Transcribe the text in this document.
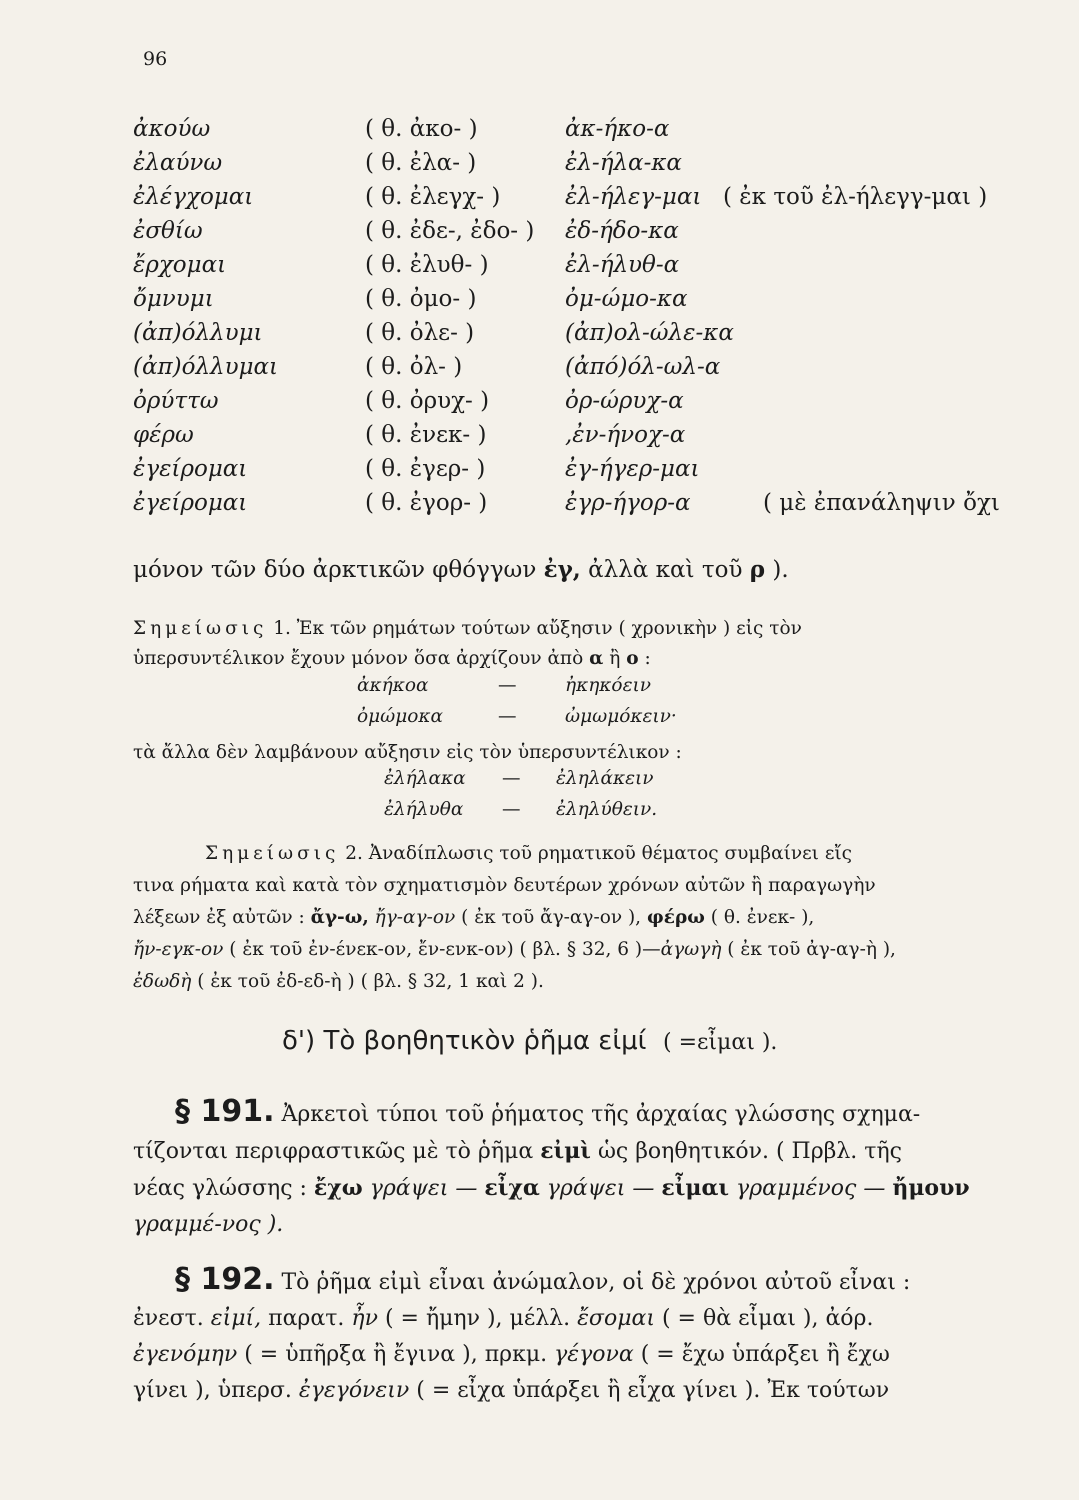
96
ἀκούω	( θ. ἀκο- )	ἀκ-ήκο-α
ἐλαύνω	( θ. ἐλα- )	ἐλ-ήλα-κα
ἐλέγχομαι	( θ. ἐλεγχ- )	ἐλ-ήλεγ-μαι ( ἐκ τοῦ ἐλ-ήλεγγ-μαι )
ἐσθίω	( θ. ἐδε-, ἐδο- ) ἐδ-ήδο-κα
ἔρχομαι	( θ. ἐλυθ- )	ἐλ-ήλυθ-α
ὄμνυμι	( θ. ὀμο- )	ὀμ-ώμο-κα
(ἀπ)όλλυμι	( θ. ὀλε- )	(ἀπ)ολ-ώλε-κα
(ἀπ)όλλυμαι	( θ. ὀλ- )	(ἀπό)όλ-ωλ-α
ὀρύττω	( θ. ὀρυχ- )	ὀρ-ώρυχ-α
φέρω	( θ. ἐνεκ- )	,ἐν-ήνοχ-α
ἐγείρομαι	( θ. ἐγερ- )	ἐγ-ήγερ-μαι
ἐγείρομαι	( θ. ἐγορ- )	ἐγρ-ήγορ-α	( μὲ ἐπανάληψιν ὄχι
μόνον τῶν δύο ἀρκτικῶν φθόγγων ἐγ, ἀλλὰ καὶ τοῦ ρ ).
Σημείωσις 1. Ἐκ τῶν ρημάτων τούτων αὔξησιν ( χρονικὴν ) εἰς τὸν
ὑπερσυντέλικον ἔχουν μόνον ὅσα ἀρχίζουν ἀπὸ α ἢ ο :
ἀκήκοα	—	ἠκηκόειν
ὀμώμοκα	—	ὠμωμόκειν·
τὰ ἄλλα δὲν λαμβάνουν αὔξησιν εἰς τὸν ὑπερσυντέλικον :
ἐλήλακα — ἐληλάκειν
ἐλήλυθα — ἐληλύθειν.
Σημείωσις 2. Ἀναδίπλωσις τοῦ ρηματικοῦ θέματος συμβαίνει εἴς
τινα ρήματα καὶ κατὰ τὸν σχηματισμὸν δευτέρων χρόνων αὐτῶν ἢ παραγωγὴν
λέξεων ἐξ αὐτῶν : ἄγ-ω, ἤγ-αγ-ον ( ἐκ τοῦ ἄγ-αγ-ον ), φέρω ( θ. ἐνεκ- ),
ἤν-εγκ-ον ( ἐκ τοῦ ἐν-ένεκ-ον, ἔν-ενκ-ον) ( βλ. § 32, 6 )—ἀγωγὴ ( ἐκ τοῦ ἀγ-αγ-ὴ ),
ἐδωδὴ ( ἐκ τοῦ ἐδ-εδ-ὴ ) ( βλ. § 32, 1 καὶ 2 ).
δ') Τὸ βοηθητικὸν ῥῆμα εἰμί ( =εἶμαι ).
§ 191. Ἀρκετοὶ τύποι τοῦ ῥήματος τῆς ἀρχαίας γλώσσης σχημα-
τίζονται περιφραστικῶς μὲ τὸ ῥῆμα εἰμὶ ὡς βοηθητικόν. ( Πρβλ. τῆς
νέας γλώσσης : ἔχω γράψει — εἶχα γράψει — εἶμαι γραμμένος — ἤμουν
γραμμέ-νος ).
§ 192. Τὸ ῥῆμα εἰμὶ εἶναι ἀνώμαλον, οἱ δὲ χρόνοι αὐτοῦ εἶναι :
ἐνεστ. εἰμί, παρατ. ἦν ( = ἤμην ), μέλλ. ἔσομαι ( = θὰ εἶμαι ), ἀόρ.
ἐγενόμην ( = ὑπῆρξα ἢ ἔγινα ), πρκμ. γέγονα ( = ἔχω ὑπάρξει ἢ ἔχω
γίνει ), ὑπερσ. ἐγεγόνειν ( = εἶχα ὑπάρξει ἢ εἶχα γίνει ). Ἐκ τούτων
